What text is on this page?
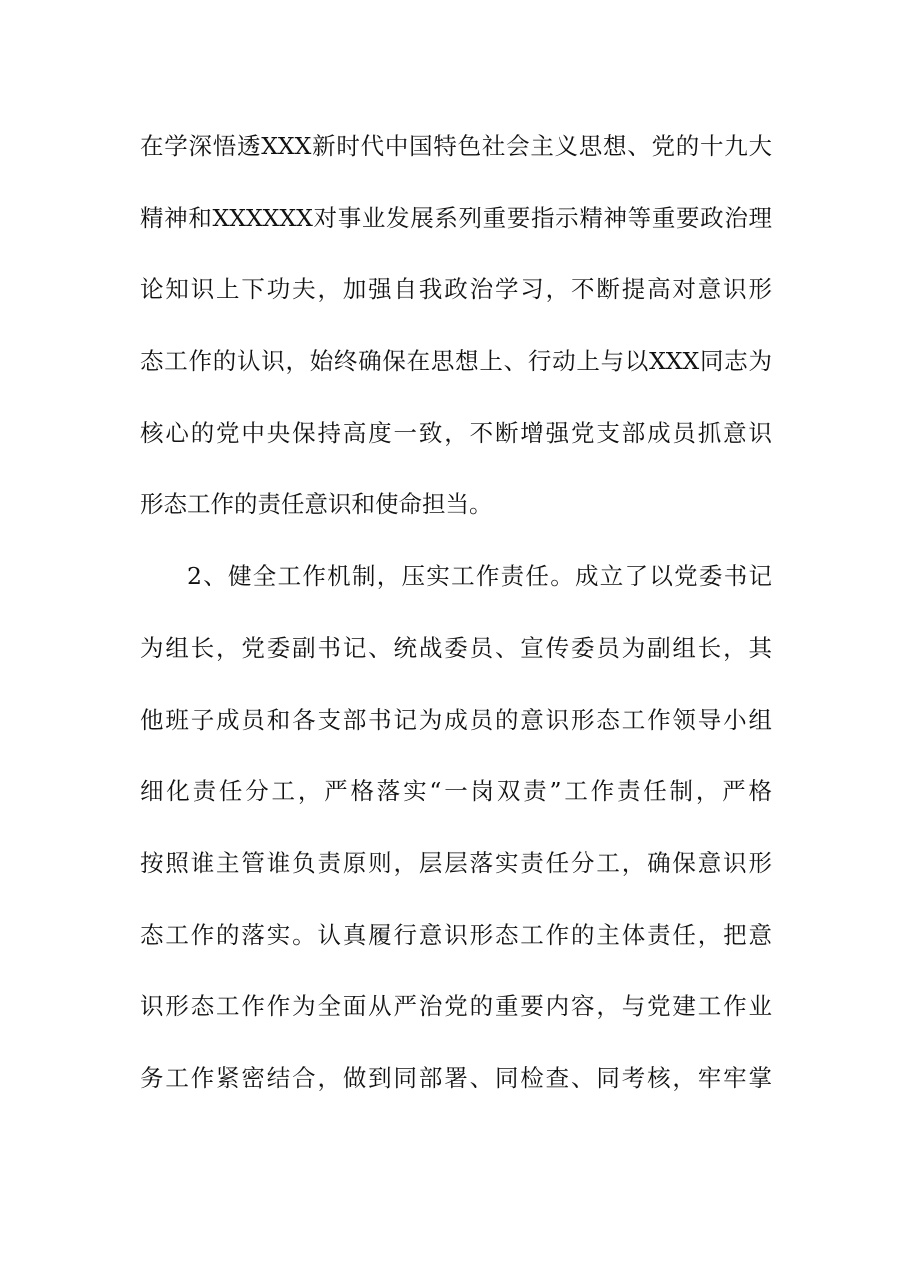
在学深悟透XXX新时代中国特色社会主义思想、党的十九大
精神和XXXXXX对事业发展系列重要指示精神等重要政治理
论知识上下功夫，加强自我政治学习，不断提高对意识形
态工作的认识，始终确保在思想上、行动上与以XXX同志为
核心的党中央保持高度一致，不断增强党支部成员抓意识
形态工作的责任意识和使命担当。
2、健全工作机制，压实工作责任。成立了以党委书记
为组长，党委副书记、统战委员、宣传委员为副组长，其
他班子成员和各支部书记为成员的意识形态工作领导小组
细化责任分工，严格落实“一岗双责”工作责任制，严格
按照谁主管谁负责原则，层层落实责任分工，确保意识形
态工作的落实。认真履行意识形态工作的主体责任，把意
识形态工作作为全面从严治党的重要内容，与党建工作业
务工作紧密结合，做到同部署、同检查、同考核，牢牢掌
